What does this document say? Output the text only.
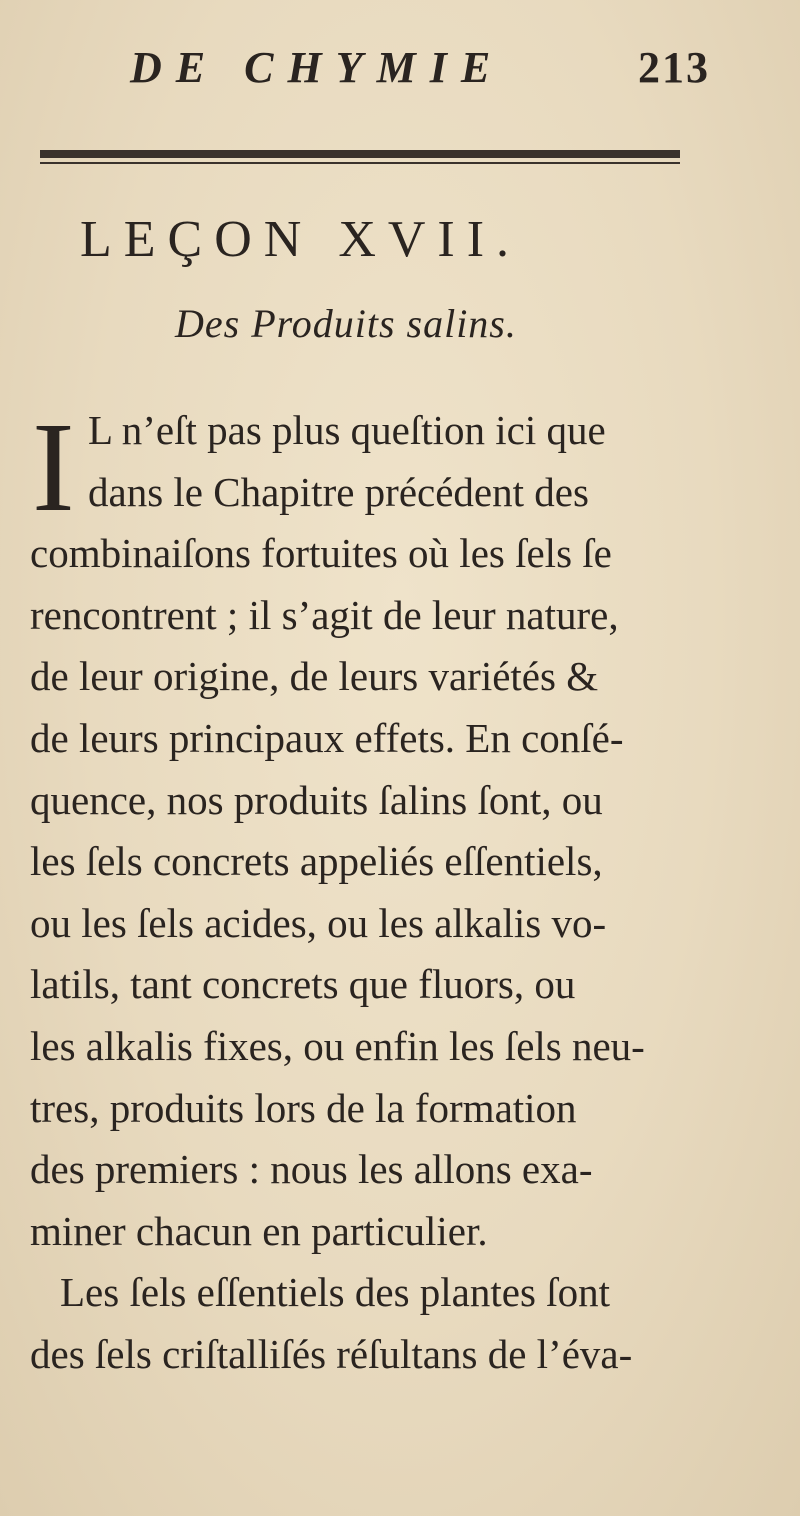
DE CHYMIE	213
LEÇON XVII.
Des Produits salins.
I L n’eſt pas plus queſtion ici que
dans le Chapitre précédent des
combinaiſons fortuites où les ſels ſe
rencontrent ; il s’agit de leur nature,
de leur origine, de leurs variétés &
de leurs principaux effets. En conſé-
quence, nos produits ſalins ſont, ou
les ſels concrets appeliés eſſentiels,
ou les ſels acides, ou les alkalis vo-
latils, tant concrets que fluors, ou
les alkalis fixes, ou enfin les ſels neu-
tres, produits lors de la formation
des premiers : nous les allons exa-
miner chacun en particulier.
Les ſels eſſentiels des plantes ſont
des ſels criſtalliſés réſultans de l’éva-
